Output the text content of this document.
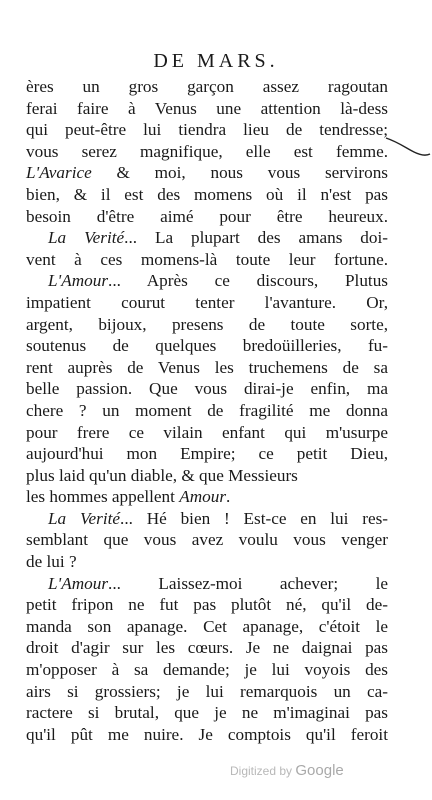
DE MARS.
ères un gros garçon assez ragoutan
ferai faire à Venus une attention là-dess
qui peut-être lui tiendra lieu de tendresse;
vous serez magnifique, elle est femme.
L'Avarice & moi, nous vous servirons
bien, & il est des momens où il n'est pas
besoin d'être aimé pour être heureux.
La Verité... La plupart des amans doi-
vent à ces momens-là toute leur fortune.
L'Amour... Après ce discours, Plutus
impatient courut tenter l'avanture. Or,
argent, bijoux, presens de toute sorte,
soutenus de quelques bredoüilleries, fu-
rent auprès de Venus les truchemens de sa
belle passion. Que vous dirai-je enfin, ma
chere ? un moment de fragilité me donna
pour frere ce vilain enfant qui m'usurpe
aujourd'hui mon Empire; ce petit Dieu,
plus laid qu'un diable, & que Messieurs
les hommes appellent Amour.
La Verité... Hé bien ! Est-ce en lui res-
semblant que vous avez voulu vous venger
de lui ?
L'Amour... Laissez-moi achever; le
petit fripon ne fut pas plutôt né, qu'il de-
manda son apanage. Cet apanage, c'étoit le
droit d'agir sur les cœurs. Je ne daignai pas
m'opposer à sa demande; je lui voyois des
airs si grossiers; je lui remarquois un ca-
ractere si brutal, que je ne m'imaginai pas
qu'il pût me nuire. Je comptois qu'il feroit
Digitized by Google
